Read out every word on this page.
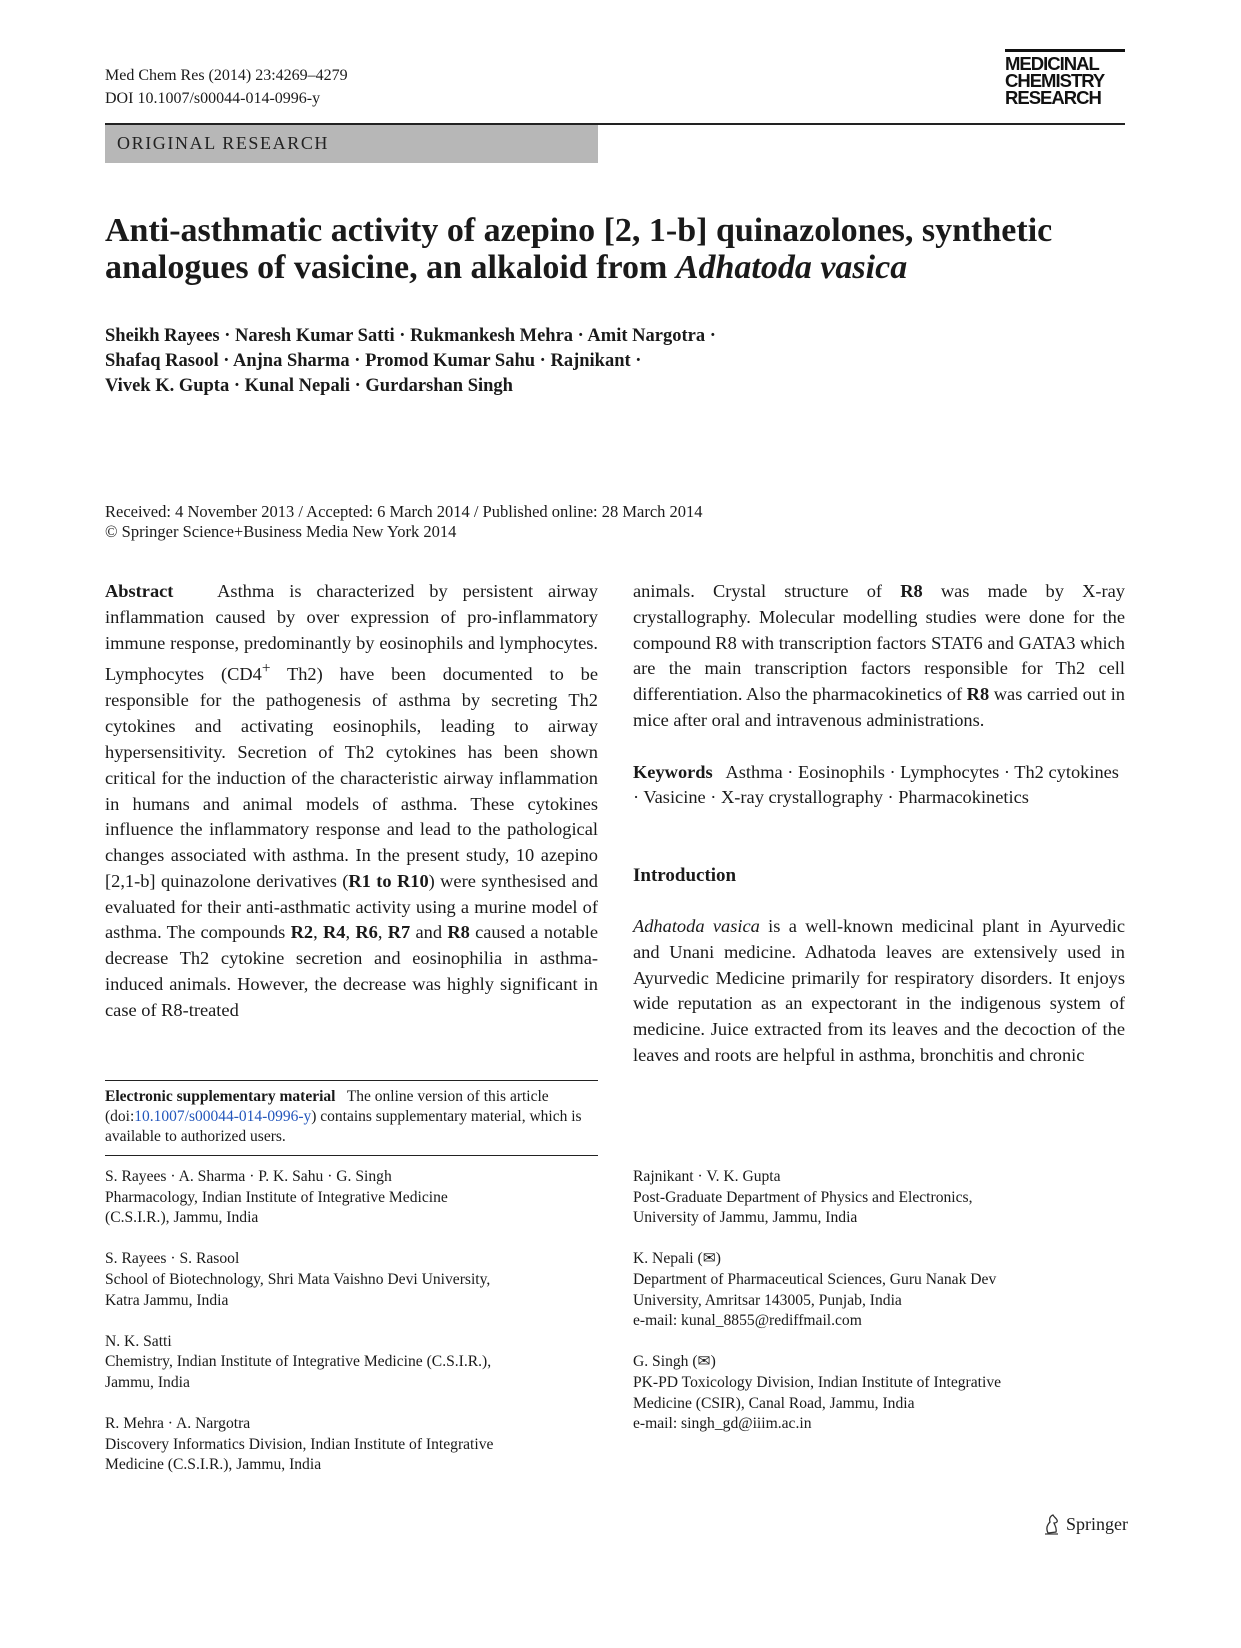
Med Chem Res (2014) 23:4269–4279
DOI 10.1007/s00044-014-0996-y
MEDICINAL
CHEMISTRY
RESEARCH
ORIGINAL RESEARCH
Anti-asthmatic activity of azepino [2, 1-b] quinazolones, synthetic
analogues of vasicine, an alkaloid from Adhatoda vasica
Sheikh Rayees · Naresh Kumar Satti · Rukmankesh Mehra · Amit Nargotra ·
Shafaq Rasool · Anjna Sharma · Promod Kumar Sahu · Rajnikant ·
Vivek K. Gupta · Kunal Nepali · Gurdarshan Singh
Received: 4 November 2013 / Accepted: 6 March 2014 / Published online: 28 March 2014
© Springer Science+Business Media New York 2014

Abstract Asthma is characterized by persistent airway inflammation caused by over expression of pro-inflammatory immune response, predominantly by eosinophils and lymphocytes. Lymphocytes (CD4+ Th2) have been documented to be responsible for the pathogenesis of asthma by secreting Th2 cytokines and activating eosinophils, leading to airway hypersensitivity. Secretion of Th2 cytokines has been shown critical for the induction of the characteristic airway inflammation in humans and animal models of asthma. These cytokines influence the inflammatory response and lead to the pathological changes associated with asthma. In the present study, 10 azepino [2,1-b] quinazolone derivatives (R1 to R10) were synthesised and evaluated for their anti-asthmatic activity using a murine model of asthma. The compounds R2, R4, R6, R7 and R8 caused a notable decrease Th2 cytokine secretion and eosinophilia in asthma-induced animals. However, the decrease was highly significant in case of R8-treated

animals. Crystal structure of R8 was made by X-ray crystallography. Molecular modelling studies were done for the compound R8 with transcription factors STAT6 and GATA3 which are the main transcription factors responsible for Th2 cell differentiation. Also the pharmacokinetics of R8 was carried out in mice after oral and intravenous administrations.

Keywords Asthma · Eosinophils · Lymphocytes · Th2 cytokines · Vasicine · X-ray crystallography · Pharmacokinetics

Introduction

Adhatoda vasica is a well-known medicinal plant in Ayurvedic and Unani medicine. Adhatoda leaves are extensively used in Ayurvedic Medicine primarily for respiratory disorders. It enjoys wide reputation as an expectorant in the indigenous system of medicine. Juice extracted from its leaves and the decoction of the leaves and roots are helpful in asthma, bronchitis and chronic

Electronic supplementary material The online version of this article (doi:10.1007/s00044-014-0996-y) contains supplementary material, which is available to authorized users.
S. Rayees · A. Sharma · P. K. Sahu · G. Singh
Pharmacology, Indian Institute of Integrative Medicine
(C.S.I.R.), Jammu, India
S. Rayees · S. Rasool
School of Biotechnology, Shri Mata Vaishno Devi University,
Katra Jammu, India
N. K. Satti
Chemistry, Indian Institute of Integrative Medicine (C.S.I.R.),
Jammu, India
R. Mehra · A. Nargotra
Discovery Informatics Division, Indian Institute of Integrative
Medicine (C.S.I.R.), Jammu, India
Rajnikant · V. K. Gupta
Post-Graduate Department of Physics and Electronics,
University of Jammu, Jammu, India
K. Nepali (✉)
Department of Pharmaceutical Sciences, Guru Nanak Dev
University, Amritsar 143005, Punjab, India
e-mail: kunal_8855@rediffmail.com
G. Singh (✉)
PK-PD Toxicology Division, Indian Institute of Integrative
Medicine (CSIR), Canal Road, Jammu, India
e-mail: singh_gd@iiim.ac.in
Springer
